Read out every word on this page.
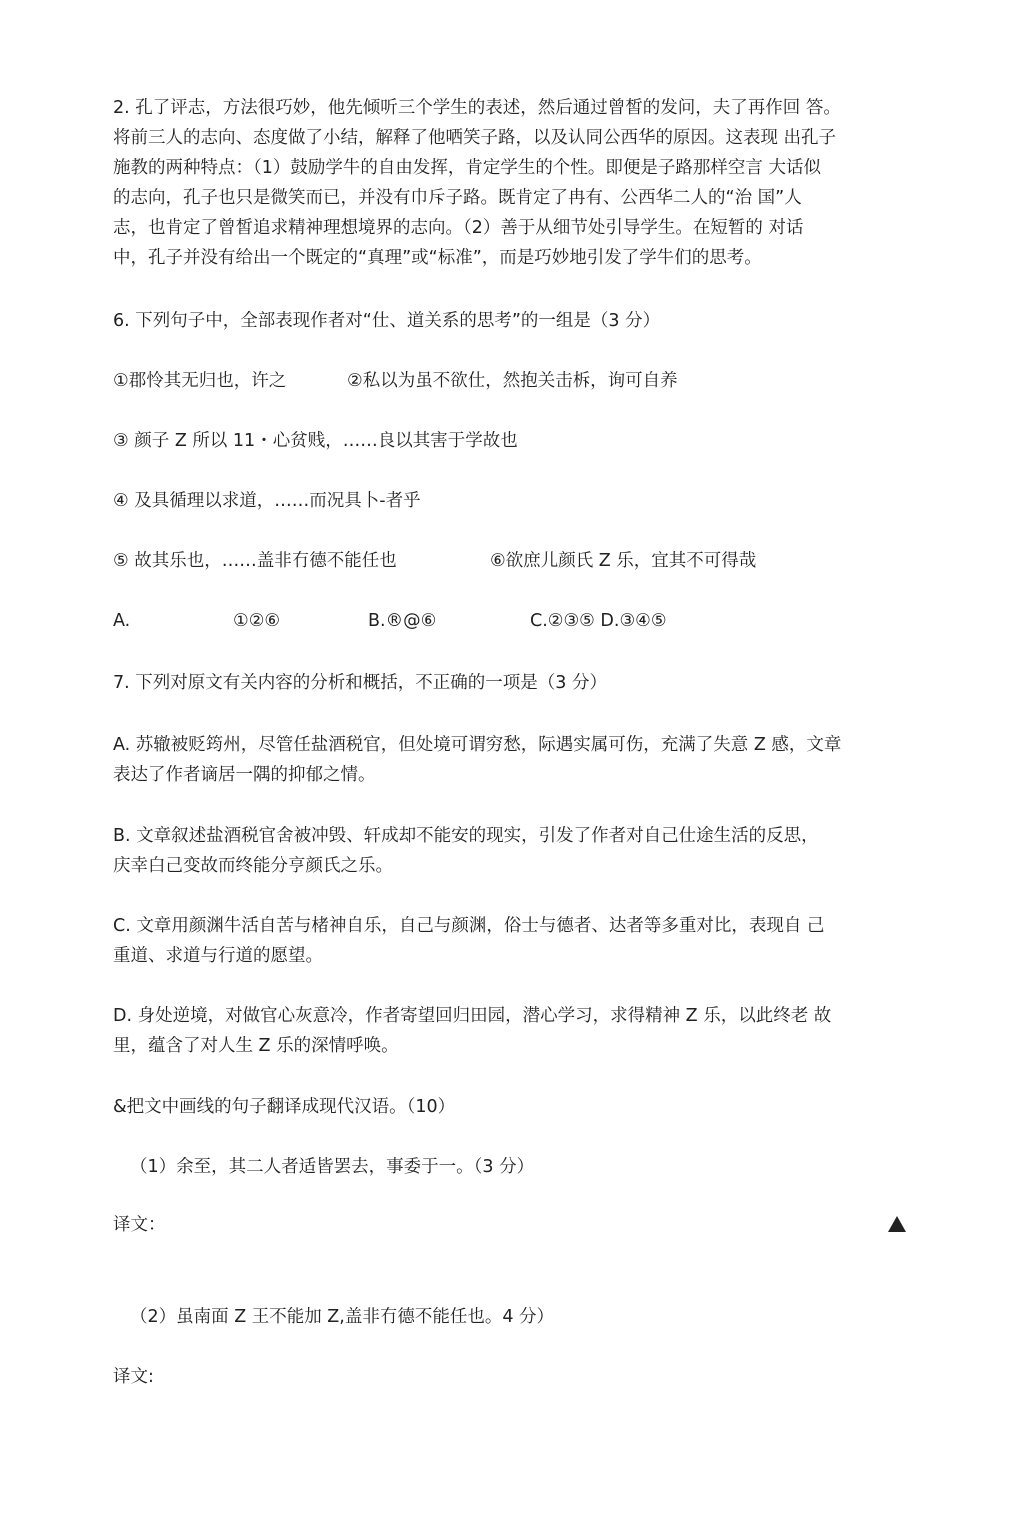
2. 孔了评志，方法很巧妙，他先倾听三个学生的表述，然后通过曾皙的发问，夫了再作回 答。
将前三人的志向、态度做了小结，解释了他哂笑子路，以及认同公西华的原因。这表现 出孔子
施教的两种特点：（1）鼓励学牛的自由发挥，肯定学生的个性。即便是子路那样空言 大话似
的志向，孔子也只是微笑而已，并没有巾斥子路。既肯定了冉有、公西华二人的“治 国”人
志，也肯定了曾皙追求精神理想境界的志向。（2）善于从细节处引导学生。在短暂的 对话
中，孔子并没有给出一个既定的“真理”或“标准”，而是巧妙地引发了学牛们的思考。
6. 下列句子中，全部表现作者对“仕、道关系的思考”的一组是（3 分）
①郡怜其无归也，许之	②私以为虽不欲仕，然抱关击柝，询可自养
③ 颜子 Z 所以 11・心贫贱，……良以其害于学故也
④ 及具循理以求道，……而况具卜-者乎
⑤ 故其乐也，……盖非冇德不能任也	⑥欲庶儿颜氏 Z 乐，宜其不可得哉
A.	①②⑥	B.®@⑥	C.②③⑤ D.③④⑤
7. 下列对原文有关内容的分析和概括，不正确的一项是（3 分）
A. 苏辙被贬筠州，尽管任盐酒税官，但处境可谓穷愁，际遇实属可伤，充满了失意 Z 感，文章
表达了作者谪居一隅的抑郁之情。
B. 文章叙述盐酒税官舍被冲毁、轩成却不能安的现实，引发了作者对自己仕途生活的反思，
庆幸白己变故而终能分亨颜氏之乐。
C. 文章用颜渊牛活自苦与楮神自乐，自己与颜渊，俗士与德者、达者等多重对比，表现自 己
重道、求道与行道的愿望。
D. 身处逆境，对做官心灰意冷，作者寄望回归田园，潜心学习，求得精神 Z 乐，以此终老 故
里，蕴含了对人生 Z 乐的深情呼唤。
&把文中画线的句子翻译成现代汉语。（10）
（1）余至，其二人者适皆罢去，事委于一。（3 分）
译文：
（2）虽南面 Z 王不能加 Z,盖非冇德不能任也。4 分）
译文:
